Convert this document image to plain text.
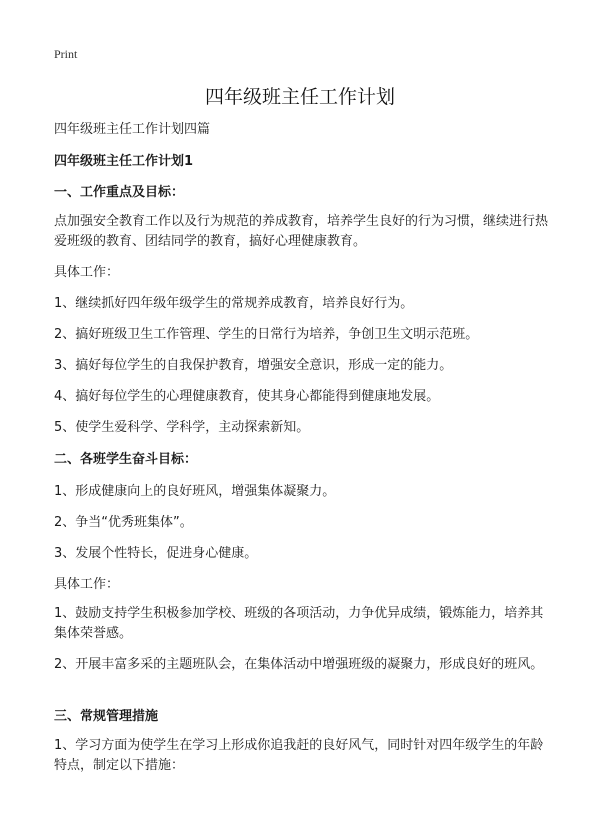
Print
四年级班主任工作计划
四年级班主任工作计划四篇
四年级班主任工作计划1
一、工作重点及目标：
点加强安全教育工作以及行为规范的养成教育，培养学生良好的行为习惯，继续进行热爱班级的教育、团结同学的教育，搞好心理健康教育。
具体工作：
1、继续抓好四年级年级学生的常规养成教育，培养良好行为。
2、搞好班级卫生工作管理、学生的日常行为培养，争创卫生文明示范班。
3、搞好每位学生的自我保护教育，增强安全意识，形成一定的能力。
4、搞好每位学生的心理健康教育，使其身心都能得到健康地发展。
5、使学生爱科学、学科学，主动探索新知。
二、各班学生奋斗目标：
1、形成健康向上的良好班风，增强集体凝聚力。
2、争当“优秀班集体”。
3、发展个性特长，促进身心健康。
具体工作：
1、鼓励支持学生积极参加学校、班级的各项活动，力争优异成绩，锻炼能力，培养其集体荣誉感。
2、开展丰富多采的主题班队会，在集体活动中增强班级的凝聚力，形成良好的班风。
三、常规管理措施
1、学习方面为使学生在学习上形成你追我赶的良好风气，同时针对四年级学生的年龄特点，制定以下措施：
